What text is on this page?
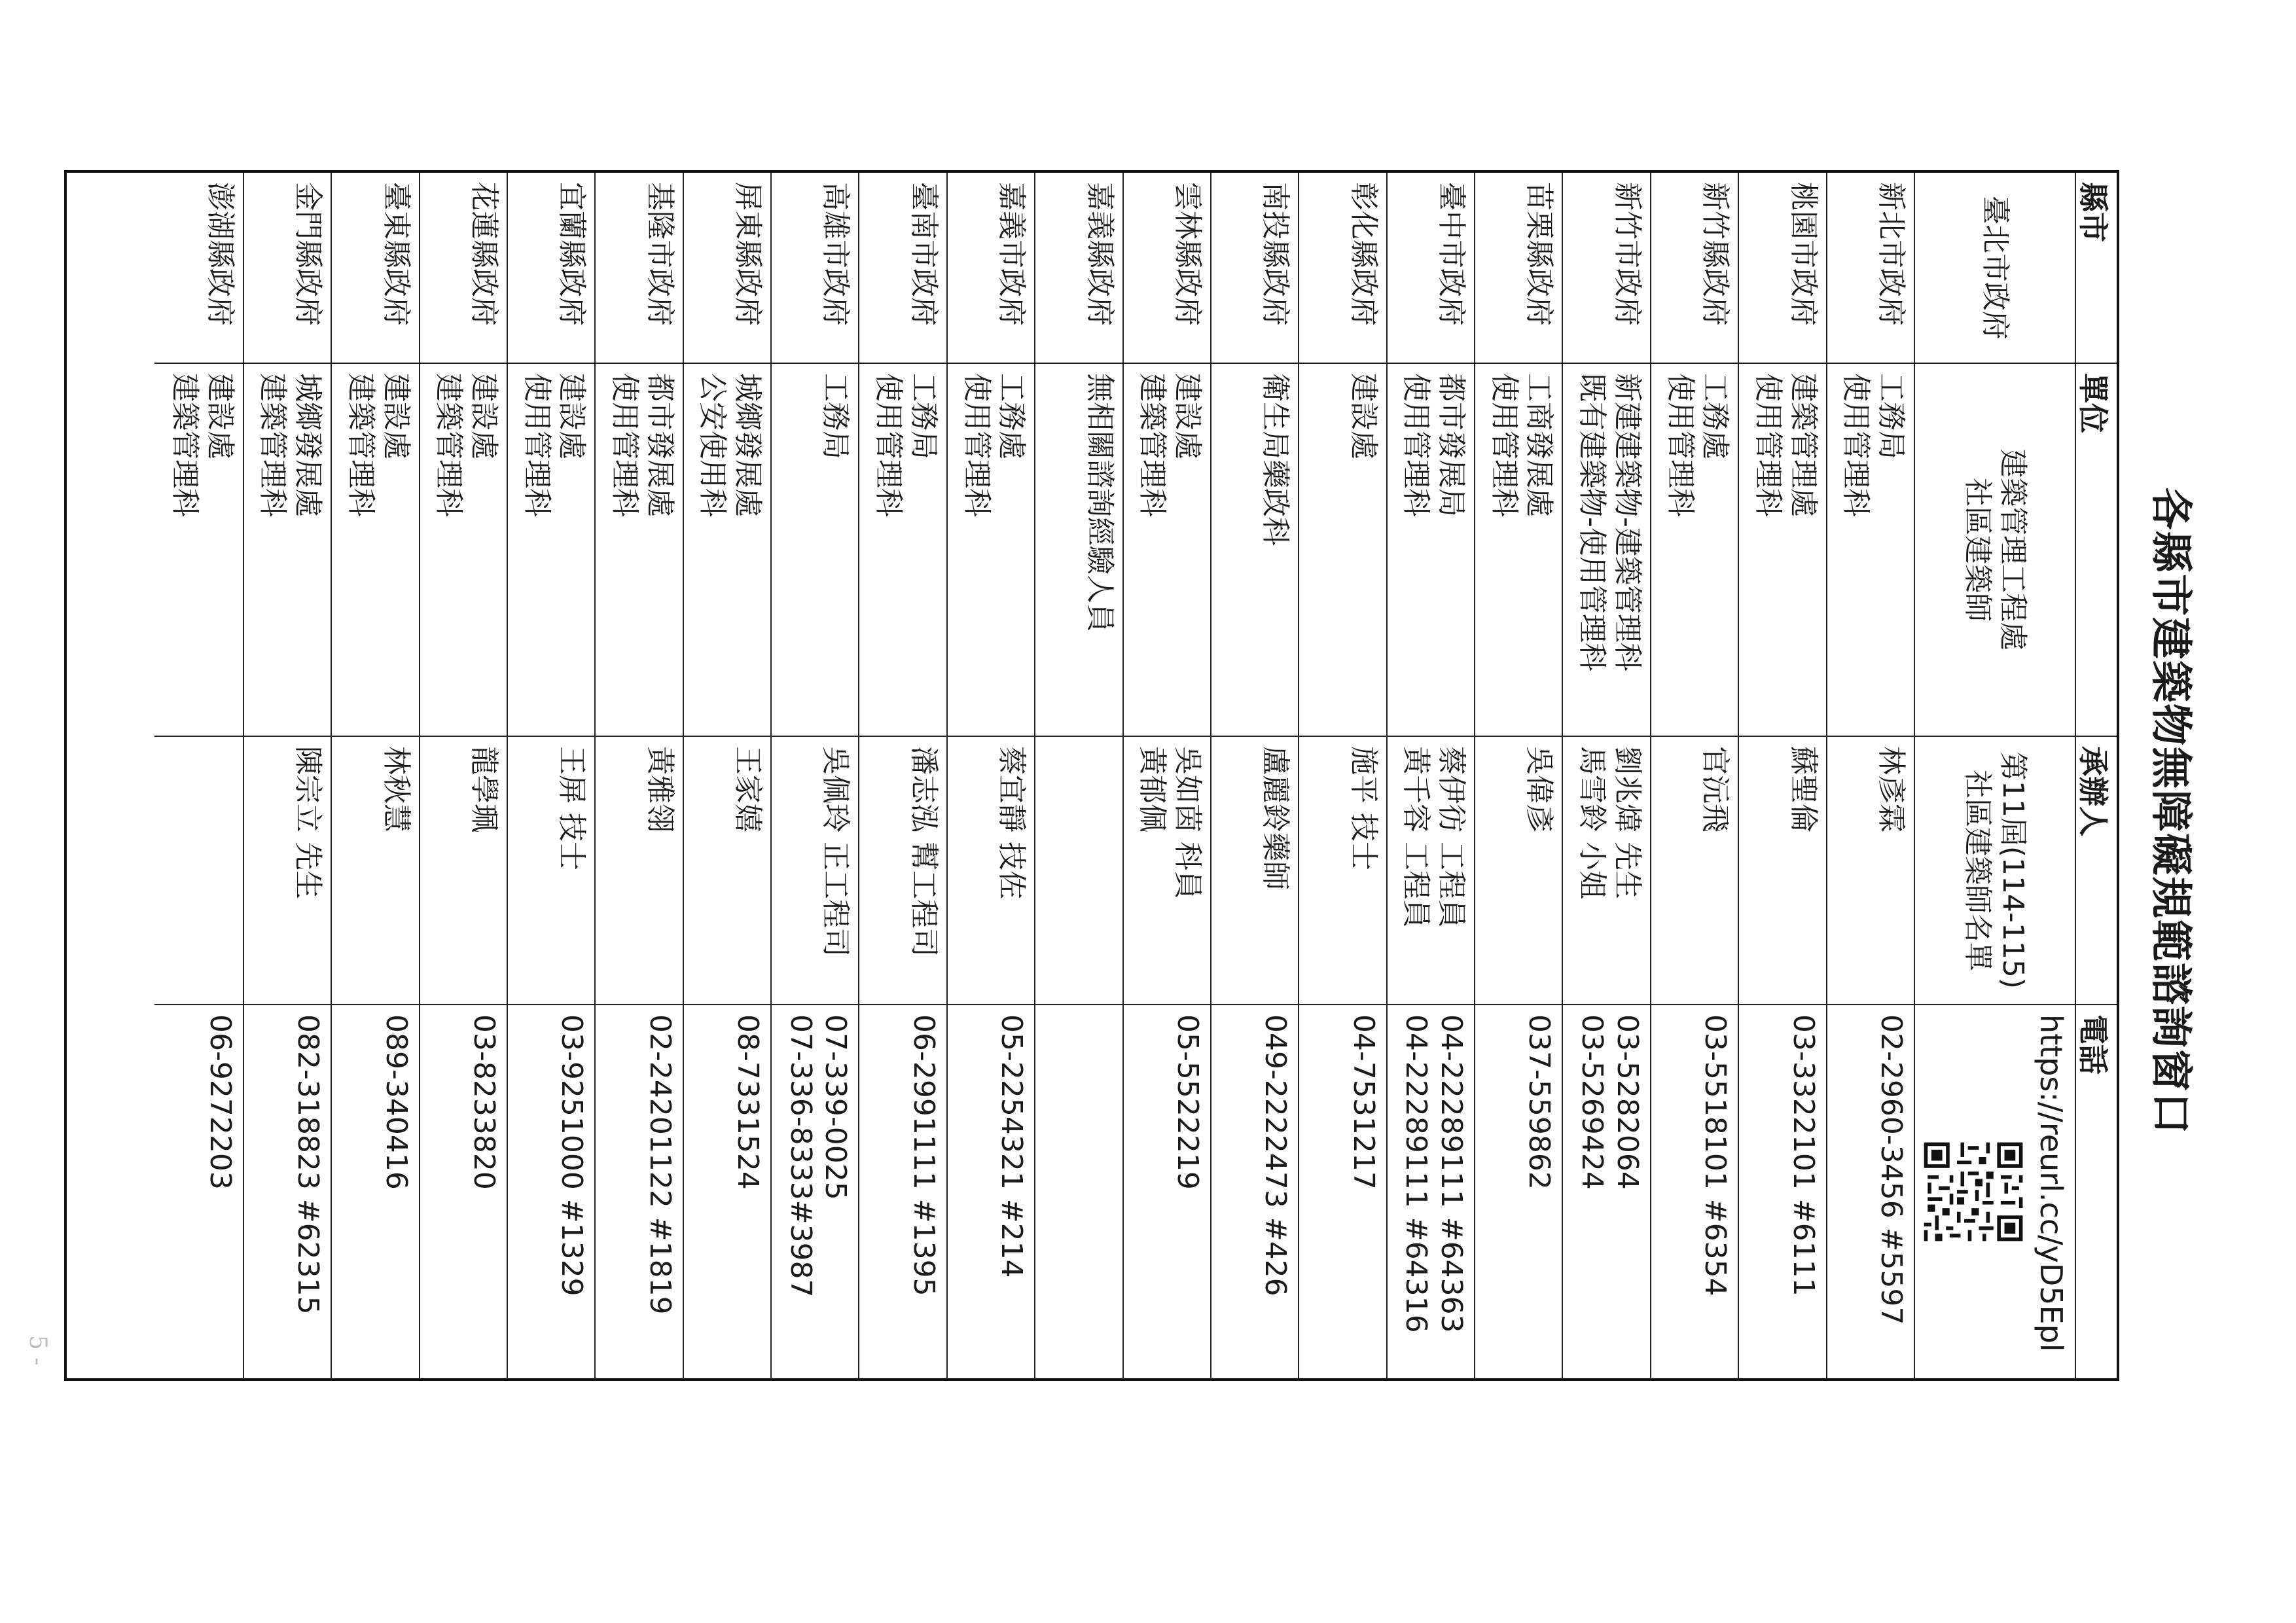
5 -
各縣市建築物無障礙規範諮詢窗口
縣市
單位
承辦人
電話
臺北市政府
建築管理工程處
社區建築師
第11屆(114-115)
社區建築師名單
https://reurl.cc/yD5Epl
新北市政府
工務局
使用管理科
林彥霖
02-2960-3456 #5597
桃園市政府
建築管理處
使用管理科
蘇聖倫
03-3322101 #6111
新竹縣政府
工務處
使用管理科
官沅飛
03-5518101 #6354
新竹市政府
新建建築物-建築管理科
既有建築物-使用管理科
劉兆煒 先生
馬雪鈴 小姐
03-5282064
03-5269424
苗栗縣政府
工商發展處
使用管理科
吳偉彥
037-559862
臺中市政府
都市發展局
使用管理科
蔡伊彷 工程員
黃千容 工程員
04-22289111 #64363
04-22289111 #64316
彰化縣政府
建設處
施平 技士
04-7531217
南投縣政府
衛生局藥政科
盧麗鈴藥師
049-2222473 #426
雲林縣政府
建設處
建築管理科
吳如茵 科員
黃郁佩
05-5522219
嘉義縣政府
無相關諮詢經驗人員
嘉義市政府
工務處
使用管理科
蔡宜靜 技佐
05-2254321 #214
臺南市政府
工務局
使用管理科
潘志泓 幫工程司
06-2991111 #1395
高雄市政府
工務局
吳佩玲 正工程司
07-339-0025
07-336-8333#3987
屏東縣政府
城鄉發展處
公安使用科
王家嬉
08-7331524
基隆市政府
都市發展處
使用管理科
黃雅翎
02-24201122 #1819
宜蘭縣政府
建設處
使用管理科
王屏 技士
03-9251000 #1329
花蓮縣政府
建設處
建築管理科
龍學珮
03-8233820
臺東縣政府
建設處
建築管理科
林秋慧
089-340416
金門縣政府
城鄉發展處
建築管理科
陳宗立 先生
082-318823 #62315
澎湖縣政府
建設處
建築管理科
06-9272203
